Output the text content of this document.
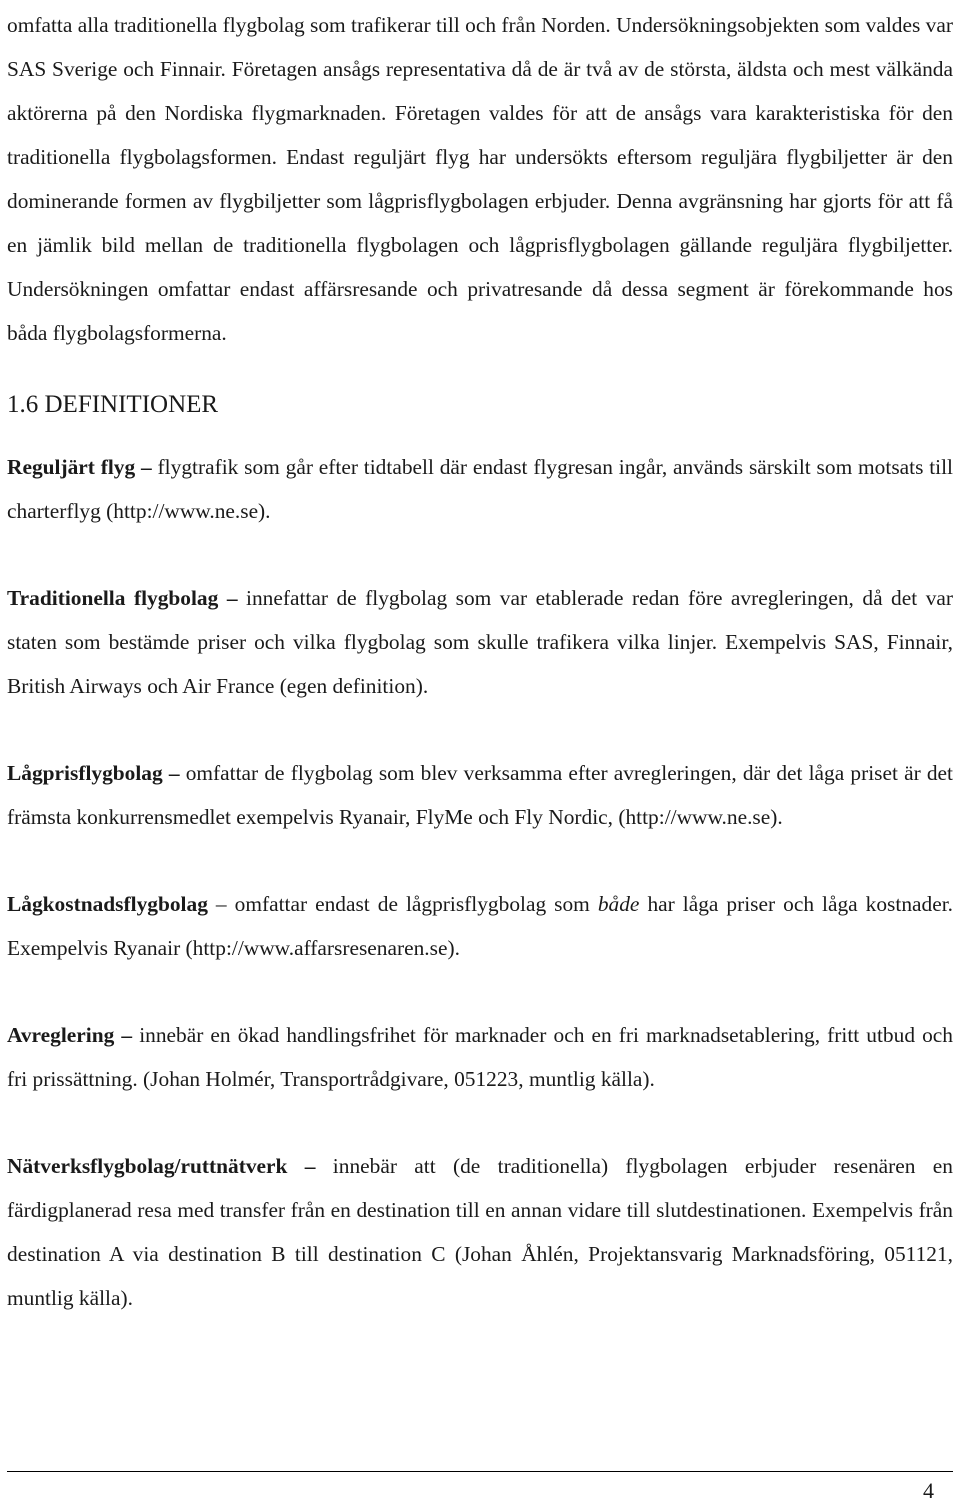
omfatta alla traditionella flygbolag som trafikerar till och från Norden. Undersökningsobjekten som valdes var SAS Sverige och Finnair. Företagen ansågs representativa då de är två av de största, äldsta och mest välkända aktörerna på den Nordiska flygmarknaden. Företagen valdes för att de ansågs vara karakteristiska för den traditionella flygbolagsformen. Endast reguljärt flyg har undersökts eftersom reguljära flygbiljetter är den dominerande formen av flygbiljetter som lågprisflygbolagen erbjuder. Denna avgränsning har gjorts för att få en jämlik bild mellan de traditionella flygbolagen och lågprisflygbolagen gällande reguljära flygbiljetter. Undersökningen omfattar endast affärsresande och privatresande då dessa segment är förekommande hos båda flygbolagsformerna.

1.6 DEFINITIONER

Reguljärt flyg – flygtrafik som går efter tidtabell där endast flygresan ingår, används särskilt som motsats till charterflyg (http://www.ne.se).

Traditionella flygbolag – innefattar de flygbolag som var etablerade redan före avregleringen, då det var staten som bestämde priser och vilka flygbolag som skulle trafikera vilka linjer. Exempelvis SAS, Finnair, British Airways och Air France (egen definition).

Lågprisflygbolag – omfattar de flygbolag som blev verksamma efter avregleringen, där det låga priset är det främsta konkurrensmedlet exempelvis Ryanair, FlyMe och Fly Nordic, (http://www.ne.se).

Lågkostnadsflygbolag – omfattar endast de lågprisflygbolag som både har låga priser och låga kostnader. Exempelvis Ryanair (http://www.affarsresenaren.se).

Avreglering – innebär en ökad handlingsfrihet för marknader och en fri marknadsetablering, fritt utbud och fri prissättning. (Johan Holmér, Transportrådgivare, 051223, muntlig källa).

Nätverksflygbolag/ruttnätverk – innebär att (de traditionella) flygbolagen erbjuder resenären en färdigplanerad resa med transfer från en destination till en annan vidare till slutdestinationen. Exempelvis från destination A via destination B till destination C (Johan Åhlén, Projektansvarig Marknadsföring, 051121, muntlig källa).

4
